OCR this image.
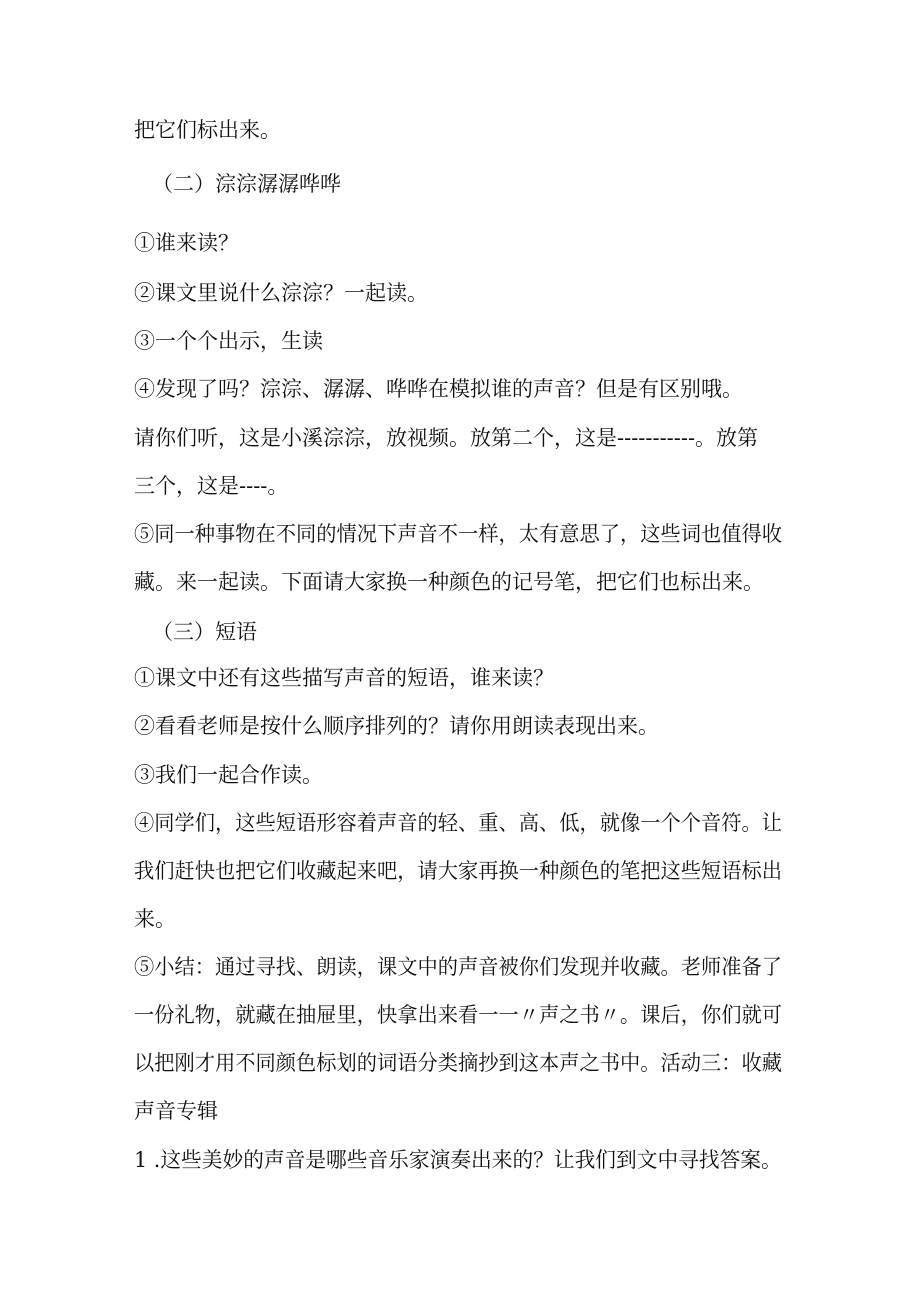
把它们标出来。
（二）淙淙潺潺哗哗
①谁来读？
②课文里说什么淙淙？一起读。
③一个个出示，生读
④发现了吗？淙淙、潺潺、哗哗在模拟谁的声音？但是有区别哦。
请你们听，这是小溪淙淙，放视频。放第二个，这是-----------。放第
三个，这是----。
⑤同一种事物在不同的情况下声音不一样，太有意思了，这些词也值得收
藏。来一起读。下面请大家换一种颜色的记号笔，把它们也标出来。
（三）短语
①课文中还有这些描写声音的短语，谁来读？
②看看老师是按什么顺序排列的？请你用朗读表现出来。
③我们一起合作读。
④同学们，这些短语形容着声音的轻、重、高、低，就像一个个音符。让
我们赶快也把它们收藏起来吧，请大家再换一种颜色的笔把这些短语标出
来。
⑤小结：通过寻找、朗读，课文中的声音被你们发现并收藏。老师准备了
一份礼物，就藏在抽屉里，快拿出来看一一〃声之书〃。课后，你们就可
以把刚才用不同颜色标划的词语分类摘抄到这本声之书中。活动三：收藏
声音专辑
1 .这些美妙的声音是哪些音乐家演奏出来的？让我们到文中寻找答案。
